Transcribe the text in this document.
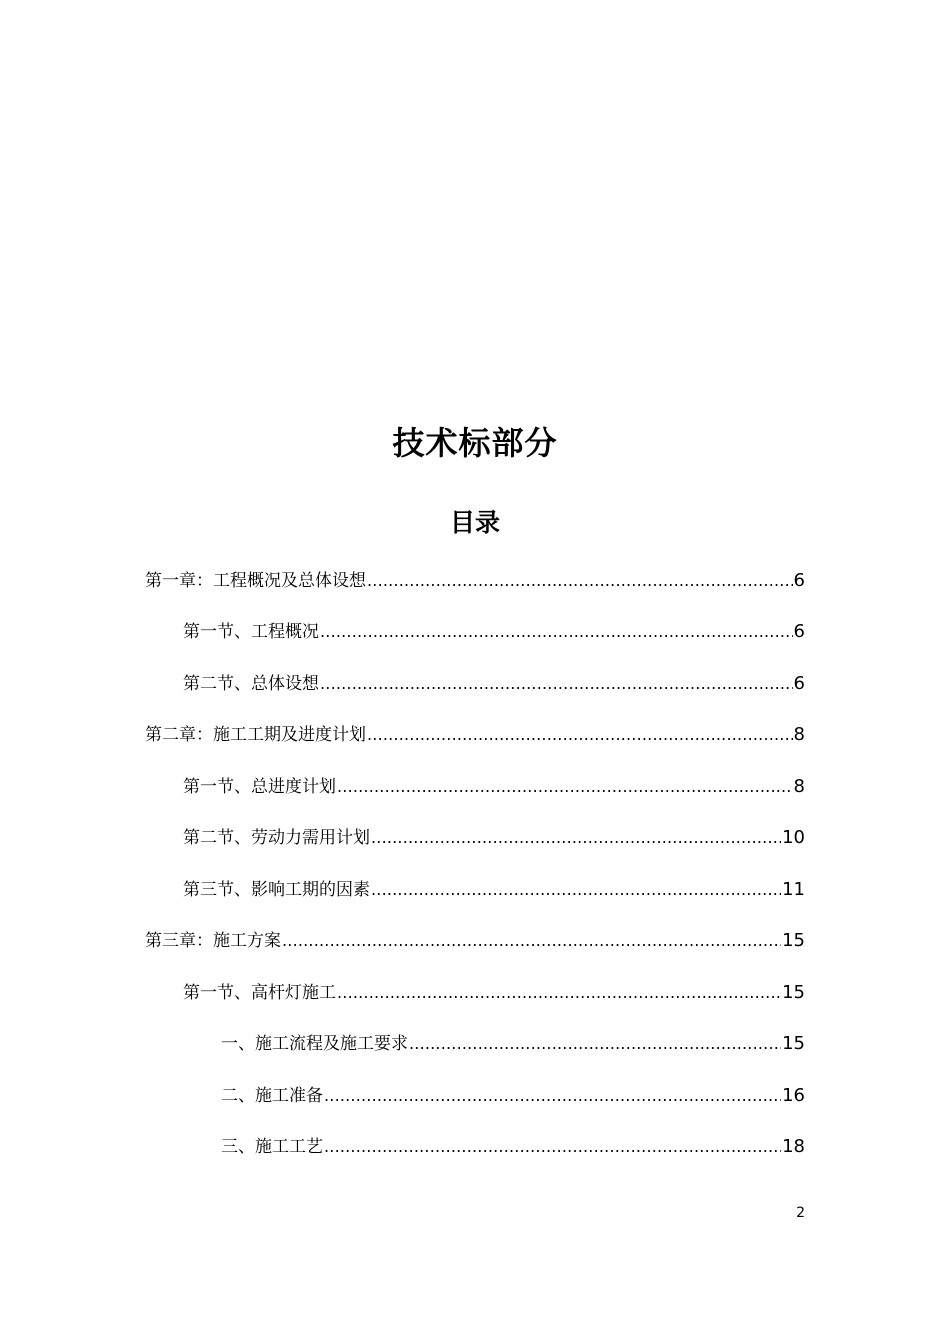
技术标部分
目录
第一章：工程概况及总体设想 .....	6
第一节、工程概况 .....	6
第二节、总体设想 .....	6
第二章：施工工期及进度计划 .....	8
第一节、总进度计划 .....	8
第二节、劳动力需用计划 .....	10
第三节、影响工期的因素 .....	11
第三章：施工方案 .....	15
第一节、高杆灯施工 .....	15
一、施工流程及施工要求 .....	15
二、施工准备 .....	16
三、施工工艺 .....	18
2
